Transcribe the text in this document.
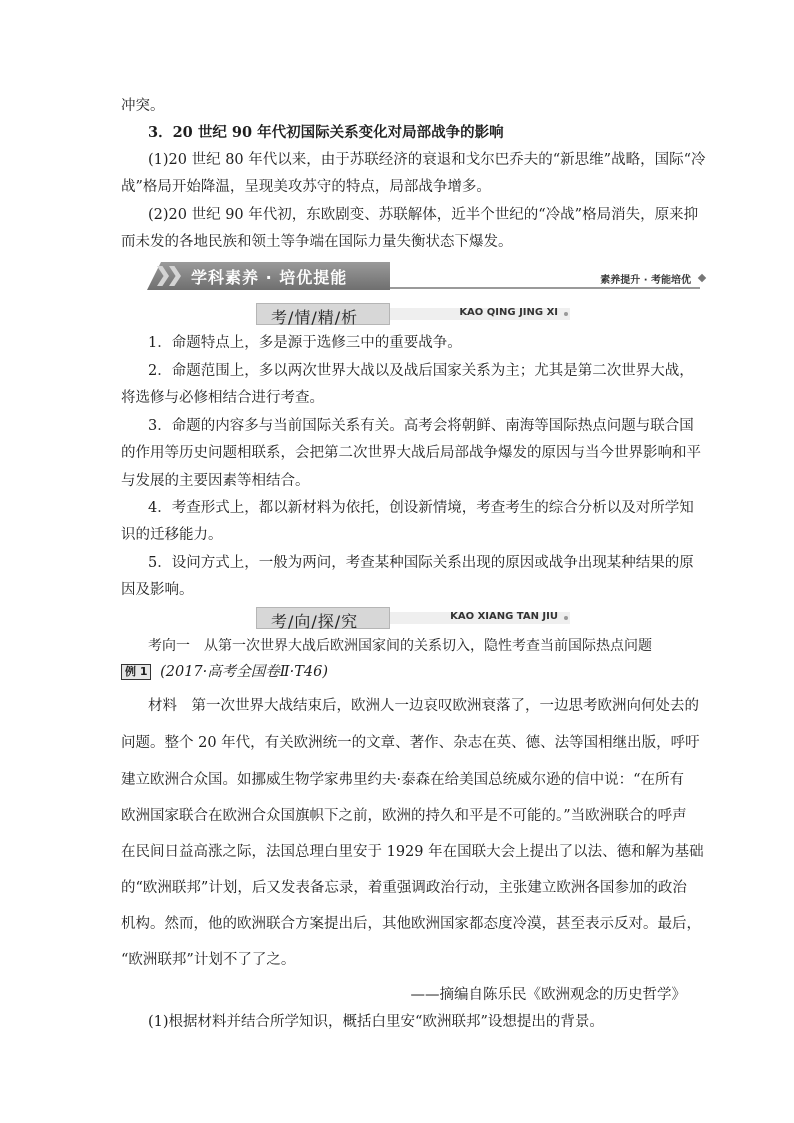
冲突。
3．20 世纪 90 年代初国际关系变化对局部战争的影响
(1)20 世纪 80 年代以来，由于苏联经济的衰退和戈尔巴乔夫的“新思维”战略，国际“冷
战”格局开始降温，呈现美攻苏守的特点，局部战争增多。
(2)20 世纪 90 年代初，东欧剧变、苏联解体，近半个世纪的“冷战”格局消失，原来抑
而未发的各地民族和领土等争端在国际力量失衡状态下爆发。
学科素养 · 培优提能	素养提升 · 考能培优
考/情/精/析	KAO QING JING XI
1．命题特点上，多是源于选修三中的重要战争。
2．命题范围上，多以两次世界大战以及战后国家关系为主；尤其是第二次世界大战，
将选修与必修相结合进行考查。
3．命题的内容多与当前国际关系有关。高考会将朝鲜、南海等国际热点问题与联合国
的作用等历史问题相联系，会把第二次世界大战后局部战争爆发的原因与当今世界影响和平
与发展的主要因素等相结合。
4．考查形式上，都以新材料为依托，创设新情境，考查考生的综合分析以及对所学知
识的迁移能力。
5．设问方式上，一般为两问，考查某种国际关系出现的原因或战争出现某种结果的原
因及影响。
考/向/探/究	KAO XIANG TAN JIU
考向一　从第一次世界大战后欧洲国家间的关系切入，隐性考查当前国际热点问题
例 1 (2017·高考全国卷Ⅱ·T46)
材料　第一次世界大战结束后，欧洲人一边哀叹欧洲衰落了，一边思考欧洲向何处去的
问题。整个 20 年代，有关欧洲统一的文章、著作、杂志在英、德、法等国相继出版，呼吁
建立欧洲合众国。如挪威生物学家弗里约夫·泰森在给美国总统威尔逊的信中说：“在所有
欧洲国家联合在欧洲合众国旗帜下之前，欧洲的持久和平是不可能的。”当欧洲联合的呼声
在民间日益高涨之际，法国总理白里安于 1929 年在国联大会上提出了以法、德和解为基础
的“欧洲联邦”计划，后又发表备忘录，着重强调政治行动，主张建立欧洲各国参加的政治
机构。然而，他的欧洲联合方案提出后，其他欧洲国家都态度冷漠，甚至表示反对。最后，
“欧洲联邦”计划不了了之。
——摘编自陈乐民《欧洲观念的历史哲学》
(1)根据材料并结合所学知识，概括白里安“欧洲联邦”设想提出的背景。
